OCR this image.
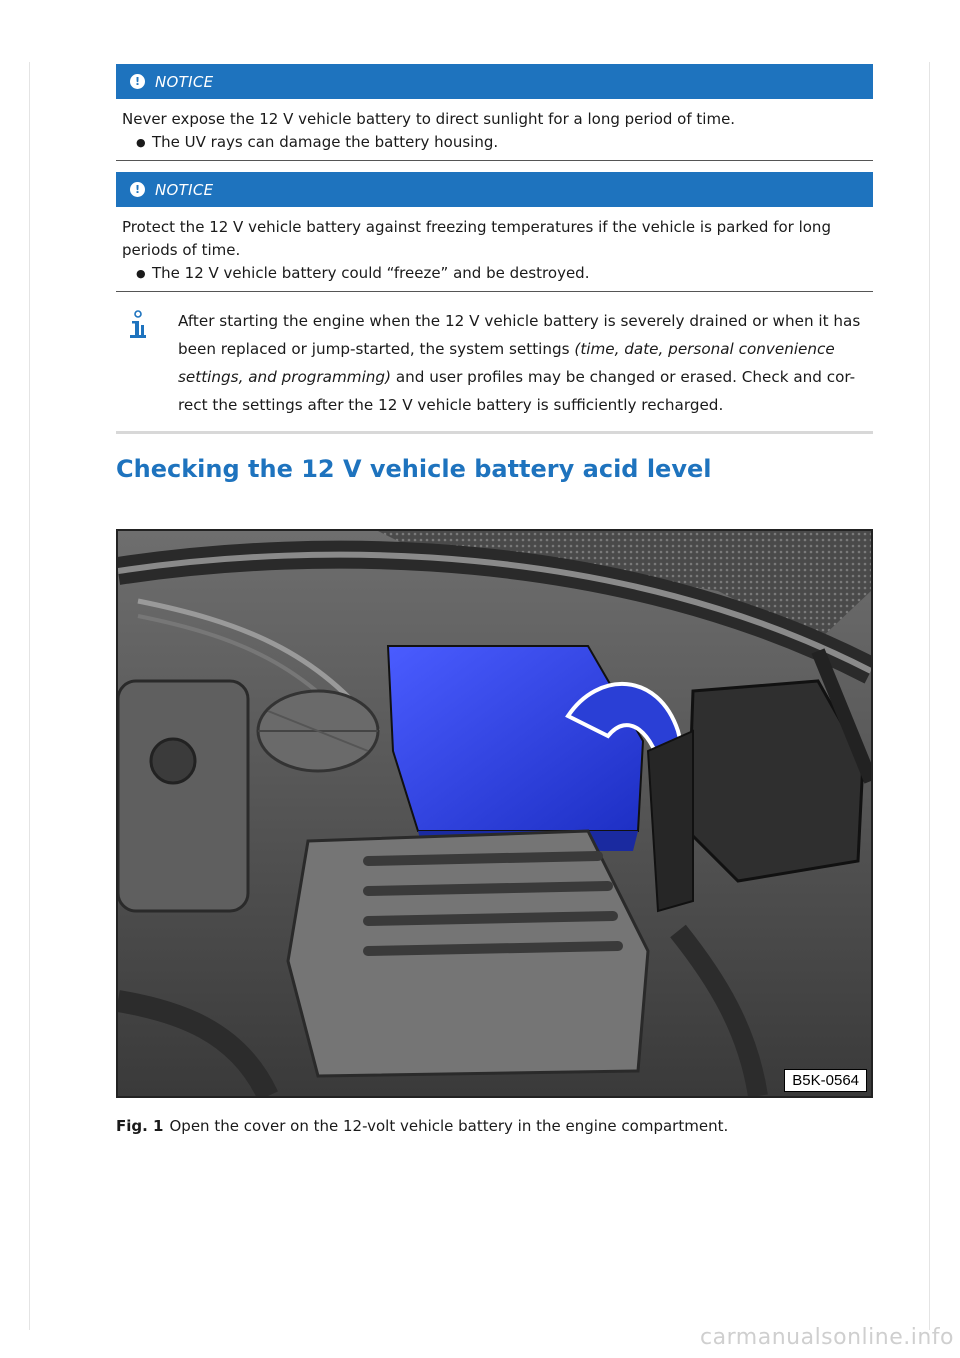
! NOTICE
Never expose the 12 V vehicle battery to direct sunlight for a long period of time.
● The UV rays can damage the battery housing.
! NOTICE
Protect the 12 V vehicle battery against freezing temperatures if the vehicle is parked for long periods of time.
● The 12 V vehicle battery could “freeze” and be destroyed.
After starting the engine when the 12 V vehicle battery is severely drained or when it has been replaced or jump-started, the system settings (time, date, personal convenience settings, and programming) and user profiles may be changed or erased. Check and cor-rect the settings after the 12 V vehicle battery is sufficiently recharged.
Checking the 12 V vehicle battery acid level
B5K-0564
Fig. 1 Open the cover on the 12-volt vehicle battery in the engine compartment.
carmanualsonline.info
